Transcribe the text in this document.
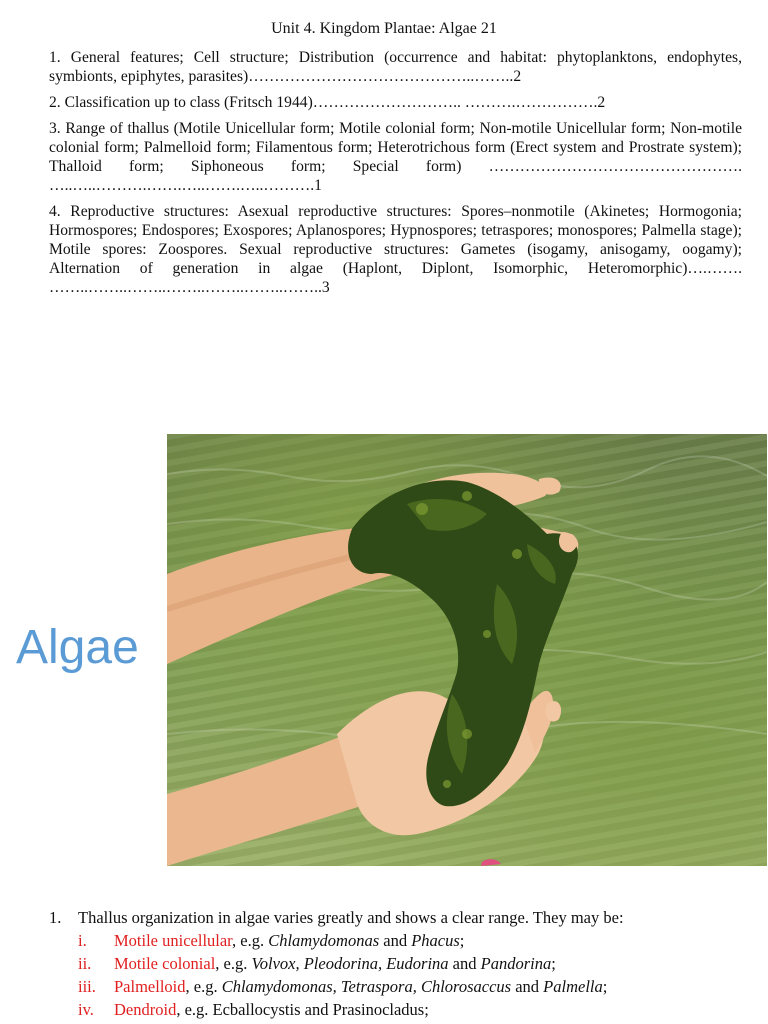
Unit 4. Kingdom Plantae: Algae 21

1. General features; Cell structure; Distribution (occurrence and habitat: phytoplanktons, endophytes, symbionts, epiphytes, parasites)……………………………………..……..2

2. Classification up to class (Fritsch 1944)……………………….. ……….…………….2

3. Range of thallus (Motile Unicellular form; Motile colonial form; Non-motile Unicellular form; Non-motile colonial form; Palmelloid form; Filamentous form; Heterotrichous form (Erect system and Prostrate system); Thalloid form; Siphoneous form; Special form) …………………………………………. …..…..……….…….…..…….…..……….1

4. Reproductive structures: Asexual reproductive structures: Spores–nonmotile (Akinetes; Hormogonia; Hormospores; Endospores; Exospores; Aplanospores; Hypnospores; tetraspores; monospores; Palmella stage); Motile spores: Zoospores. Sexual reproductive structures: Gametes (isogamy, anisogamy, oogamy); Alternation of generation in algae (Haplont, Diplont, Isomorphic, Heteromorphic)….……. ……..……..……..……..……..……..……..3

Algae
1.	Thallus organization in algae varies greatly and shows a clear range. They may be:
i.	Motile unicellular, e.g. Chlamydomonas and Phacus;
ii.	Motile colonial, e.g. Volvox, Pleodorina, Eudorina and Pandorina;
iii.	Palmelloid, e.g. Chlamydomonas, Tetraspora, Chlorosaccus and Palmella;
iv.	Dendroid, e.g. Ecballocystis and Prasinocladus;
